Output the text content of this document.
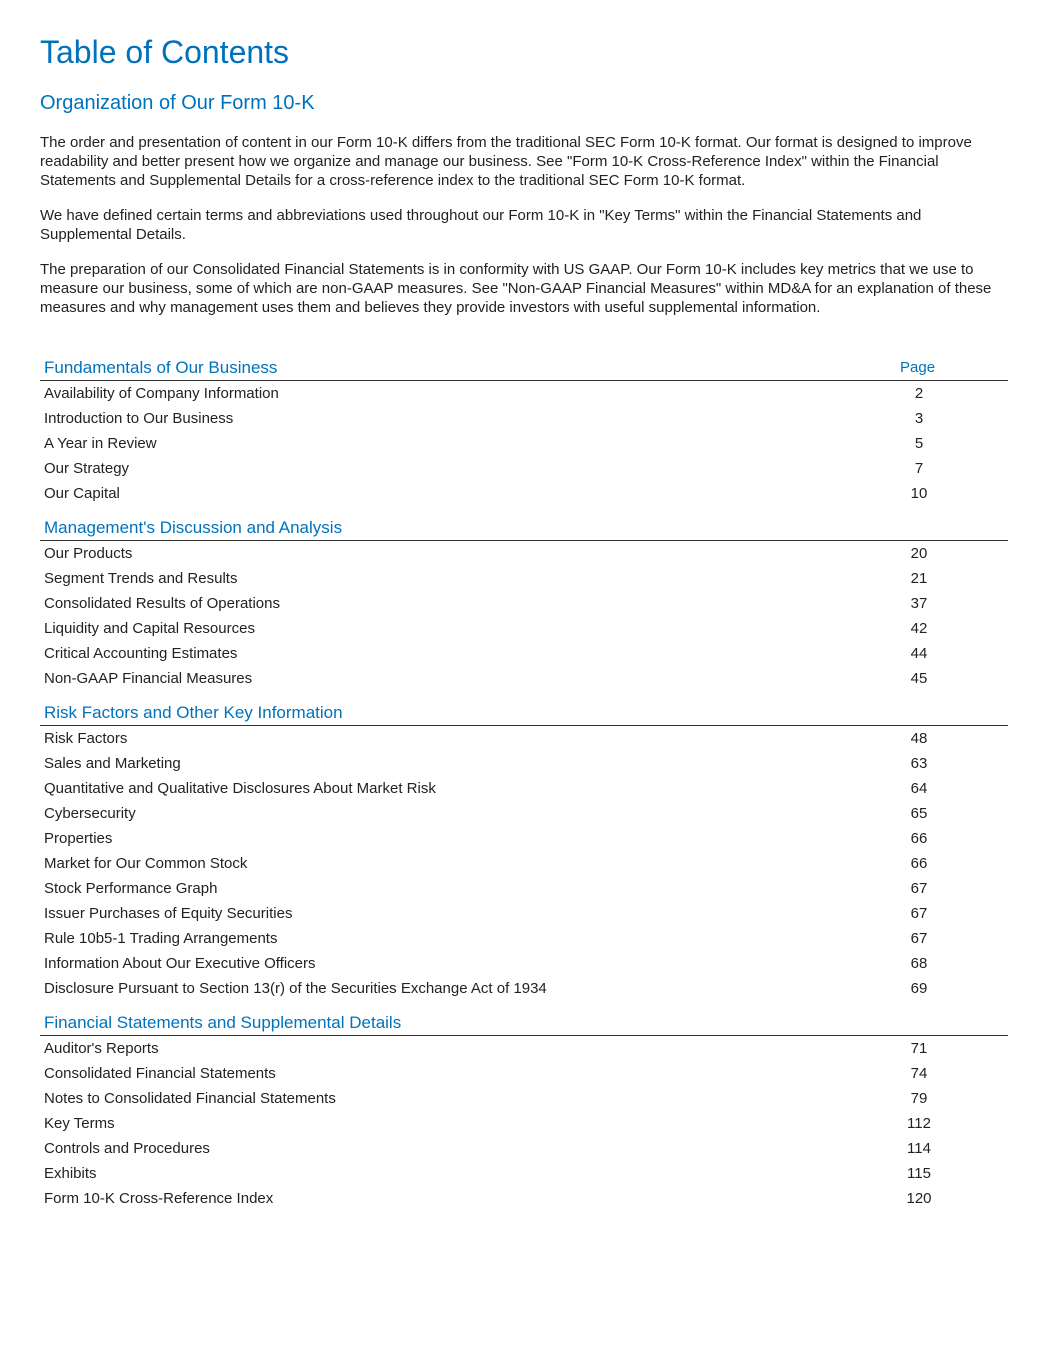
Table of Contents
Organization of Our Form 10-K

The order and presentation of content in our Form 10-K differs from the traditional SEC Form 10-K format. Our format is designed to improve readability and better present how we organize and manage our business. See "Form 10-K Cross-Reference Index" within the Financial Statements and Supplemental Details for a cross-reference index to the traditional SEC Form 10-K format.

We have defined certain terms and abbreviations used throughout our Form 10-K in "Key Terms" within the Financial Statements and Supplemental Details.

The preparation of our Consolidated Financial Statements is in conformity with US GAAP. Our Form 10-K includes key metrics that we use to measure our business, some of which are non-GAAP measures. See "Non-GAAP Financial Measures" within MD&A for an explanation of these measures and why management uses them and believes they provide investors with useful supplemental information.

Fundamentals of Our Business	Page
Availability of Company Information	2
Introduction to Our Business	3
A Year in Review	5
Our Strategy	7
Our Capital	10
Management's Discussion and Analysis
Our Products	20
Segment Trends and Results	21
Consolidated Results of Operations	37
Liquidity and Capital Resources	42
Critical Accounting Estimates	44
Non-GAAP Financial Measures	45
Risk Factors and Other Key Information
Risk Factors	48
Sales and Marketing	63
Quantitative and Qualitative Disclosures About Market Risk	64
Cybersecurity	65
Properties	66
Market for Our Common Stock	66
Stock Performance Graph	67
Issuer Purchases of Equity Securities	67
Rule 10b5-1 Trading Arrangements	67
Information About Our Executive Officers	68
Disclosure Pursuant to Section 13(r) of the Securities Exchange Act of 1934	69
Financial Statements and Supplemental Details
Auditor's Reports	71
Consolidated Financial Statements	74
Notes to Consolidated Financial Statements	79
Key Terms	112
Controls and Procedures	114
Exhibits	115
Form 10-K Cross-Reference Index	120
